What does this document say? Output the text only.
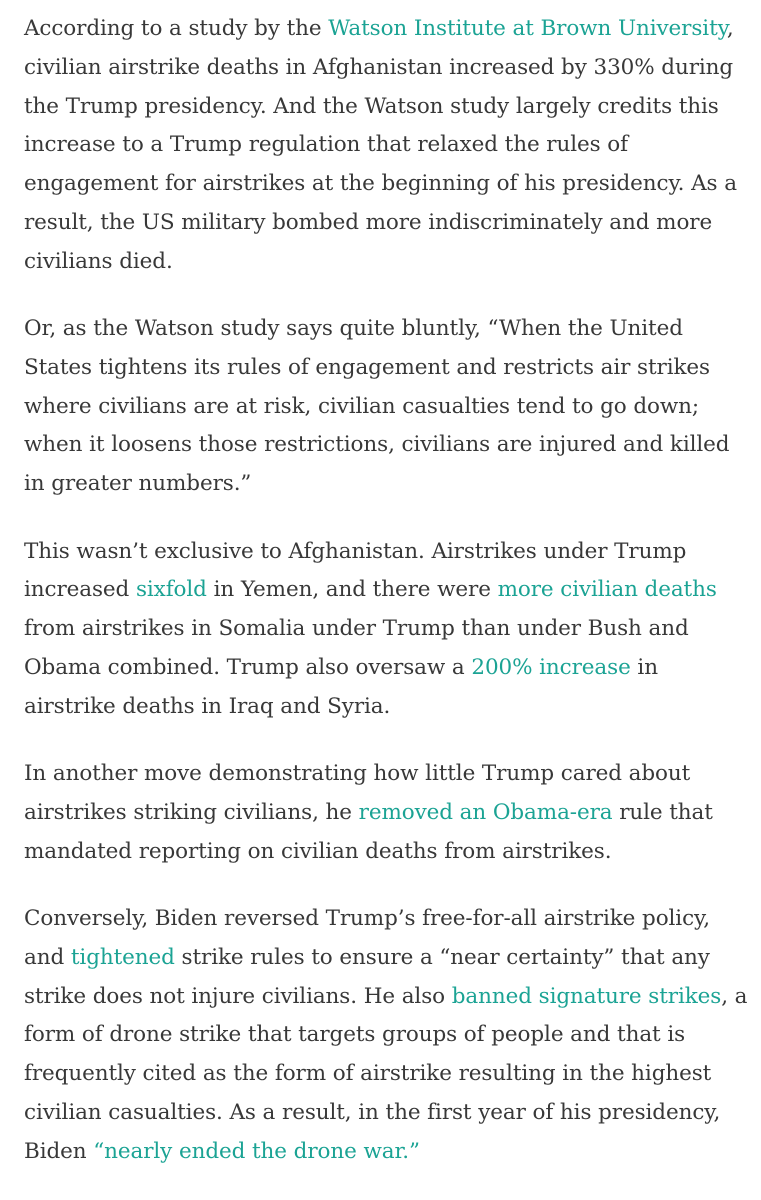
According to a study by the Watson Institute at Brown University, civilian airstrike deaths in Afghanistan increased by 330% during the Trump presidency. And the Watson study largely credits this increase to a Trump regulation that relaxed the rules of engagement for airstrikes at the beginning of his presidency. As a result, the US military bombed more indiscriminately and more civilians died.

Or, as the Watson study says quite bluntly, “When the United States tightens its rules of engagement and restricts air strikes where civilians are at risk, civilian casualties tend to go down; when it loosens those restrictions, civilians are injured and killed in greater numbers.”

This wasn’t exclusive to Afghanistan. Airstrikes under Trump increased sixfold in Yemen, and there were more civilian deaths from airstrikes in Somalia under Trump than under Bush and Obama combined. Trump also oversaw a 200% increase in airstrike deaths in Iraq and Syria.

In another move demonstrating how little Trump cared about airstrikes striking civilians, he removed an Obama-era rule that mandated reporting on civilian deaths from airstrikes.

Conversely, Biden reversed Trump’s free-for-all airstrike policy, and tightened strike rules to ensure a “near certainty” that any strike does not injure civilians. He also banned signature strikes, a form of drone strike that targets groups of people and that is frequently cited as the form of airstrike resulting in the highest civilian casualties. As a result, in the first year of his presidency, Biden “nearly ended the drone war.”
